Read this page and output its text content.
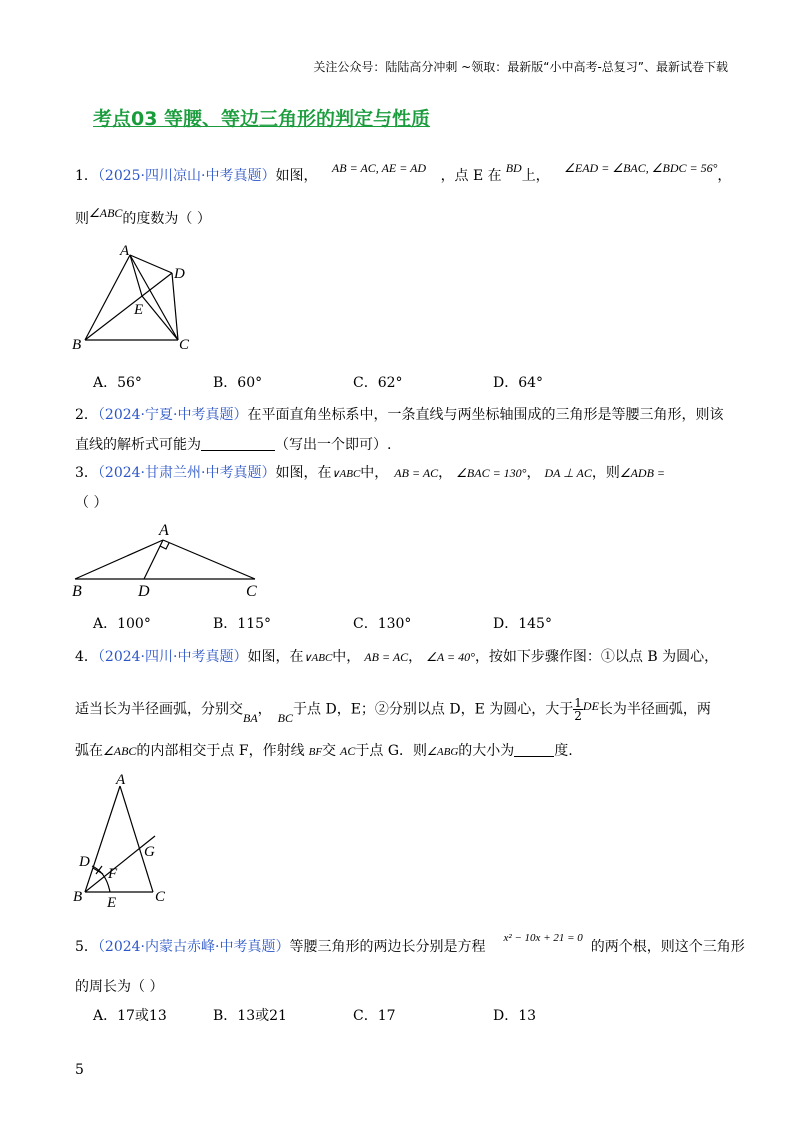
关注公众号：陆陆高分冲刺 ~领取：最新版“小中高考-总复习”、最新试卷下载
考点03 等腰、等边三角形的判定与性质
1．（2025·四川凉山·中考真题）如图， AB = AC, AE = AD ，点 E 在 BD上， ∠EAD = ∠BAC, ∠BDC = 56°，
则∠ABC的度数为（ ）
A
D
E
B	C
A．56°	B．60°	C．62°	D．64°
2．（2024·宁夏·中考真题）在平面直角坐标系中，一条直线与两坐标轴围成的三角形是等腰三角形，则该
直线的解析式可能为	（写出一个即可）.
3．（2024·甘肃兰州·中考真题）如图，在∨ABC中， AB = AC， ∠BAC = 130°， DA ⊥ AC，则∠ADB =
（ ）
A
B	D	C
A．100°	B．115°	C．130°	D．145°
4．（2024·四川·中考真题）如图，在∨ABC中， AB = AC， ∠A = 40°，按如下步骤作图：①以点 B 为圆心，
适当长为半径画弧，分别交BA， BC于点 D，E；②分别以点 D，E 为圆心，大于 $\frac{1}{2}$ DE长为半径画弧，两
弧在∠ABC的内部相交于点 F，作射线 BF交 AC于点 G．则∠ABG的大小为	度.
A
D
G
F
B E	C
5．（2024·内蒙古赤峰·中考真题）等腰三角形的两边长分别是方程$^{x^2 - 10x + 21 = 0}$的两个根，则这个三角形
的周长为（ ）
A．17或13	B．13或21	C．17	D．13
5
